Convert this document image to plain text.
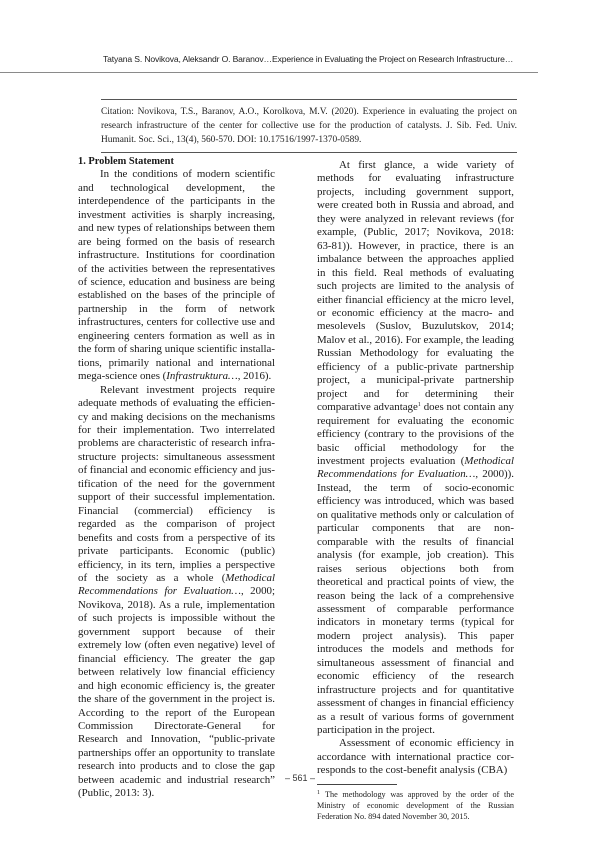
Tatyana S. Novikova, Aleksandr O. Baranov…Experience in Evaluating the Project on Research Infrastructure…
Citation: Novikova, T.S., Baranov, A.O., Korolkova, M.V. (2020). Experience in evaluating the project on research infrastructure of the center for collective use for the production of catalysts. J. Sib. Fed. Univ. Humanit. Soc. Sci., 13(4), 560-570. DOI: 10.17516/1997-1370-0589.
1. Problem Statement

In the conditions of modern scientific and technological development, the interdependence of the participants in the investment activities is sharply increasing, and new types of relationships between them are being formed on the basis of research infrastructure. Institutions for coordination of the activities between the representatives of science, education and business are being established on the bases of the principle of partnership in the form of network infrastructures, centers for collective use and engineering centers formation as well as in the form of sharing unique scientific installations, primarily national and international mega-science ones (Infrastruktura…, 2016).

Relevant investment projects require adequate methods of evaluating the efficiency and making decisions on the mechanisms for their implementation. Two interrelated problems are characteristic of research infrastructure projects: simultaneous assessment of financial and economic efficiency and justification of the need for the government support of their successful implementation. Financial (commercial) efficiency is regarded as the comparison of project benefits and costs from a perspective of its private participants. Economic (public) efficiency, in its tern, implies a perspective of the society as a whole (Methodical Recommendations for Evaluation…, 2000; Novikova, 2018). As a rule, implementation of such projects is impossible without the government support because of their extremely low (often even negative) level of financial efficiency. The greater the gap between relatively low financial efficiency and high economic efficiency is, the greater the share of the government in the project is. According to the report of the European Commission Directorate-General for Research and Innovation, “public-private partnerships offer an opportunity to translate research into products and to close the gap between academic and industrial research” (Public, 2013: 3).

At first glance, a wide variety of methods for evaluating infrastructure projects, including government support, were created both in Russia and abroad, and they were analyzed in relevant reviews (for example, (Public, 2017; Novikova, 2018: 63-81)). However, in practice, there is an imbalance between the approaches applied in this field. Real methods of evaluating such projects are limited to the analysis of either financial efficiency at the micro level, or economic efficiency at the macro- and mesolevels (Suslov, Buzulutskov, 2014; Malov et al., 2016). For example, the leading Russian Methodology for evaluating the efficiency of a public-private partnership project, a municipal-private partnership project and for determining their comparative advantage$^1$ does not contain any requirement for evaluating the economic efficiency (contrary to the provisions of the basic official methodology for the investment projects evaluation (Methodical Recommendations for Evaluation…, 2000)). Instead, the term of socio-economic efficiency was introduced, which was based on qualitative methods only or calculation of particular components that are non-comparable with the results of financial analysis (for example, job creation). This raises serious objections both from theoretical and practical points of view, the reason being the lack of a comprehensive assessment of comparable performance indicators in monetary terms (typical for modern project analysis). This paper introduces the models and methods for simultaneous assessment of financial and economic efficiency of the research infrastructure projects and for quantitative assessment of changes in financial efficiency as a result of various forms of government participation in the project.

Assessment of economic efficiency in accordance with international practice corresponds to the cost-benefit analysis (CBA)

$^1$ The methodology was approved by the order of the Ministry of economic development of the Russian Federation No. 894 dated November 30, 2015.

– 561 –
